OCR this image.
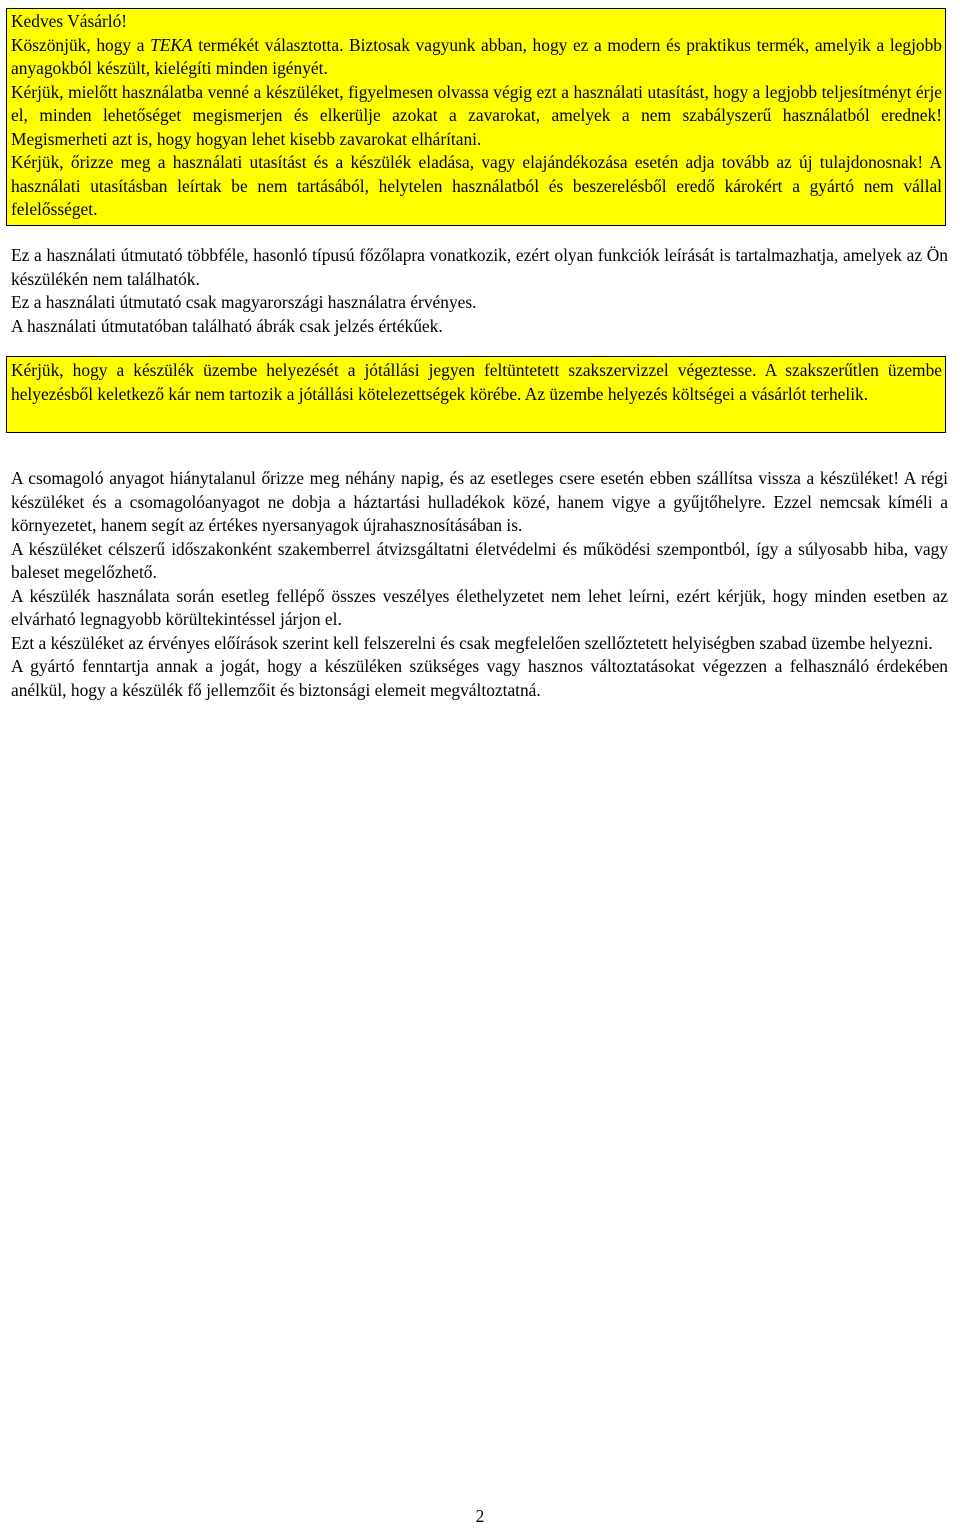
Kedves Vásárló!

Köszönjük, hogy a TEKA termékét választotta. Biztosak vagyunk abban, hogy ez a modern és praktikus termék, amelyik a legjobb anyagokból készült, kielégíti minden igényét.

Kérjük, mielőtt használatba venné a készüléket, figyelmesen olvassa végig ezt a használati utasítást, hogy a legjobb teljesítményt érje el, minden lehetőséget megismerjen és elkerülje azokat a zavarokat, amelyek a nem szabályszerű használatból erednek! Megismerheti azt is, hogy hogyan lehet kisebb zavarokat elhárítani.

Kérjük, őrizze meg a használati utasítást és a készülék eladása, vagy elajándékozása esetén adja tovább az új tulajdonosnak! A használati utasításban leírtak be nem tartásából, helytelen használatból és beszerelésből eredő károkért a gyártó nem vállal felelősséget.

Ez a használati útmutató többféle, hasonló típusú főzőlapra vonatkozik, ezért olyan funkciók leírását is tartalmazhatja, amelyek az Ön készülékén nem találhatók.

Ez a használati útmutató csak magyarországi használatra érvényes.

A használati útmutatóban található ábrák csak jelzés értékűek.

Kérjük, hogy a készülék üzembe helyezését a jótállási jegyen feltüntetett szakszervizzel végeztesse. A szakszerűtlen üzembe helyezésből keletkező kár nem tartozik a jótállási kötelezettségek körébe. Az üzembe helyezés költségei a vásárlót terhelik.

A csomagoló anyagot hiánytalanul őrizze meg néhány napig, és az esetleges csere esetén ebben szállítsa vissza a készüléket! A régi készüléket és a csomagolóanyagot ne dobja a háztartási hulladékok közé, hanem vigye a gyűjtőhelyre. Ezzel nemcsak kíméli a környezetet, hanem segít az értékes nyersanyagok újrahasznosításában is.

A készüléket célszerű időszakonként szakemberrel átvizsgáltatni életvédelmi és működési szempontból, így a súlyosabb hiba, vagy baleset megelőzhető.

A készülék használata során esetleg fellépő összes veszélyes élethelyzetet nem lehet leírni, ezért kérjük, hogy minden esetben az elvárható legnagyobb körültekintéssel járjon el.

Ezt a készüléket az érvényes előírások szerint kell felszerelni és csak megfelelően szellőztetett helyiségben szabad üzembe helyezni.

A gyártó fenntartja annak a jogát, hogy a készüléken szükséges vagy hasznos változtatásokat végezzen a felhasználó érdekében anélkül, hogy a készülék fő jellemzőit és biztonsági elemeit megváltoztatná.

2
